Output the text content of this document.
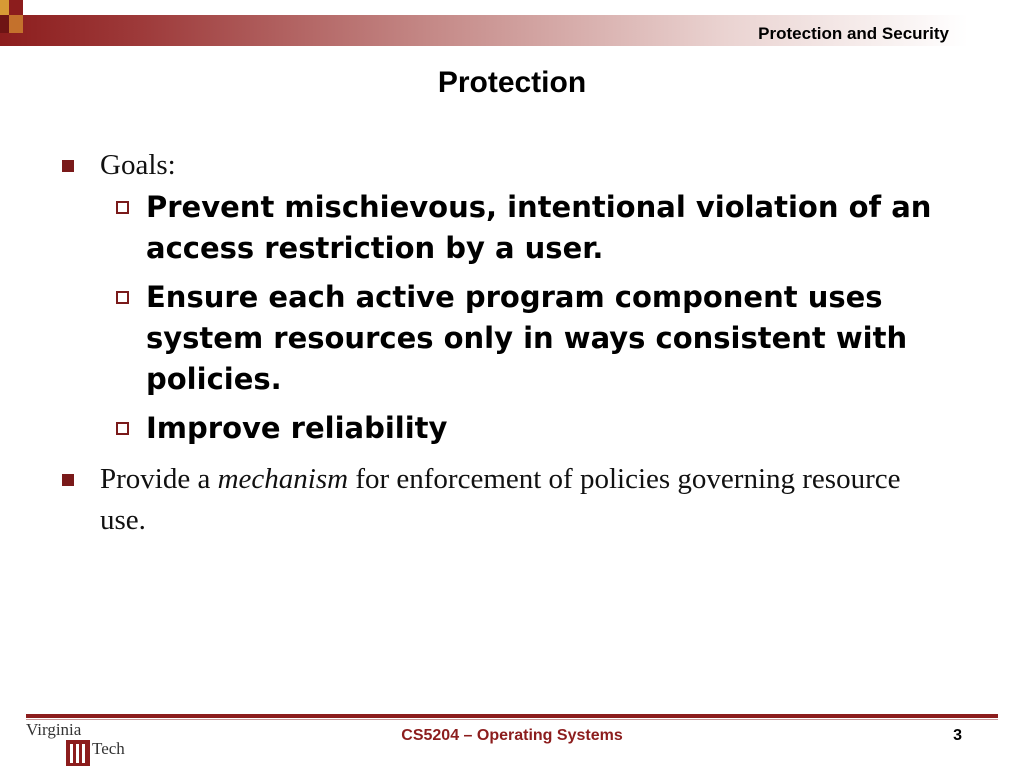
Protection and Security
Protection
Goals:
Prevent mischievous, intentional violation of an access restriction by a user.
Ensure each active program component uses system resources only in ways consistent with policies.
Improve reliability
Provide a mechanism for enforcement of policies governing resource use.
Virginia
Tech
CS5204 – Operating Systems	3
